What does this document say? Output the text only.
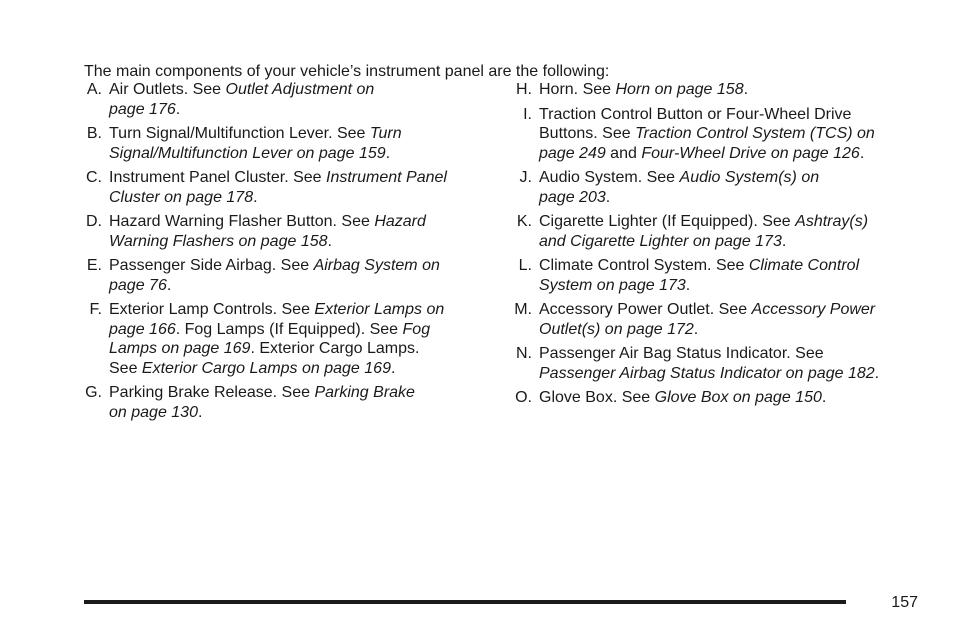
The main components of your vehicle’s instrument panel are the following:

A. Air Outlets. See Outlet Adjustment on
page 176.
B. Turn Signal/Multifunction Lever. See Turn
Signal/Multifunction Lever on page 159.
C. Instrument Panel Cluster. See Instrument Panel
Cluster on page 178.
D. Hazard Warning Flasher Button. See Hazard
Warning Flashers on page 158.
E. Passenger Side Airbag. See Airbag System on
page 76.
F. Exterior Lamp Controls. See Exterior Lamps on
page 166. Fog Lamps (If Equipped). See Fog
Lamps on page 169. Exterior Cargo Lamps.
See Exterior Cargo Lamps on page 169.
G. Parking Brake Release. See Parking Brake
on page 130.
H. Horn. See Horn on page 158.
I. Traction Control Button or Four-Wheel Drive
Buttons. See Traction Control System (TCS) on
page 249 and Four-Wheel Drive on page 126.
J. Audio System. See Audio System(s) on
page 203.
K. Cigarette Lighter (If Equipped). See Ashtray(s)
and Cigarette Lighter on page 173.
L. Climate Control System. See Climate Control
System on page 173.
M. Accessory Power Outlet. See Accessory Power
Outlet(s) on page 172.
N. Passenger Air Bag Status Indicator. See
Passenger Airbag Status Indicator on page 182.
O. Glove Box. See Glove Box on page 150.
157
